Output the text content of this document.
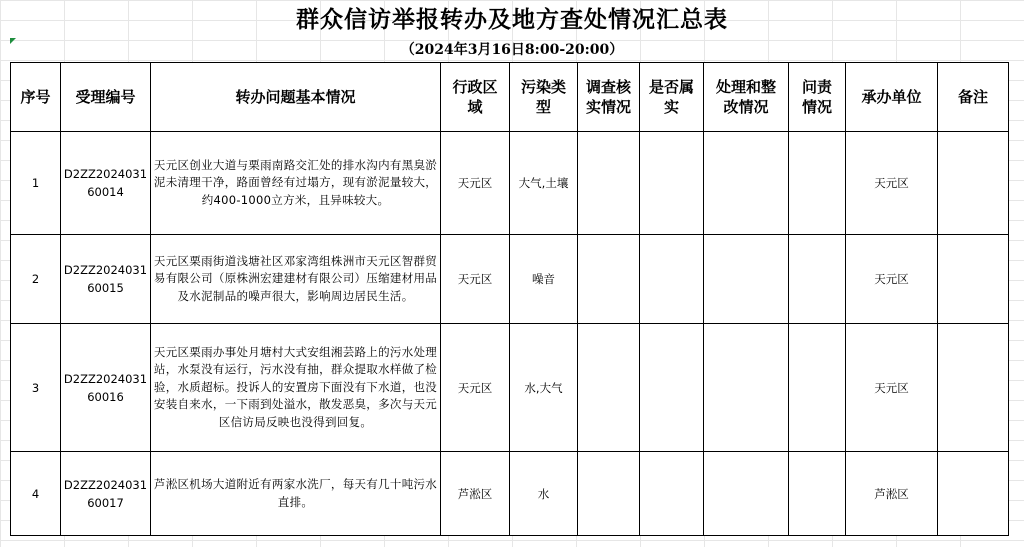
群众信访举报转办及地方查处情况汇总表
（2024年3月16日8:00-20:00）
序号	受理编号	转办问题基本情况	行政区域	污染类型	调查核实情况	是否属实	处理和整改情况	问责情况	承办单位	备注
1	D2ZZ202403160014	天元区创业大道与栗雨南路交汇处的排水沟内有黑臭淤泥未清理干净，路面曾经有过塌方，现有淤泥量较大，约400-1000立方米，且异味较大。	天元区	大气,土壤					天元区	
2	D2ZZ202403160015	天元区栗雨街道浅塘社区邓家湾组株洲市天元区智群贸易有限公司（原株洲宏建建材有限公司）压缩建材用品及水泥制品的噪声很大，影响周边居民生活。	天元区	噪音					天元区	
3	D2ZZ202403160016	天元区栗雨办事处月塘村大式安组湘芸路上的污水处理站，水泵没有运行，污水没有抽，群众提取水样做了检验，水质超标。投诉人的安置房下面没有下水道，也没安装自来水，一下雨到处溢水，散发恶臭，多次与天元区信访局反映也没得到回复。	天元区	水,大气					天元区	
4	D2ZZ202403160017	芦淞区机场大道附近有两家水洗厂，每天有几十吨污水直排。	芦淞区	水					芦淞区	
